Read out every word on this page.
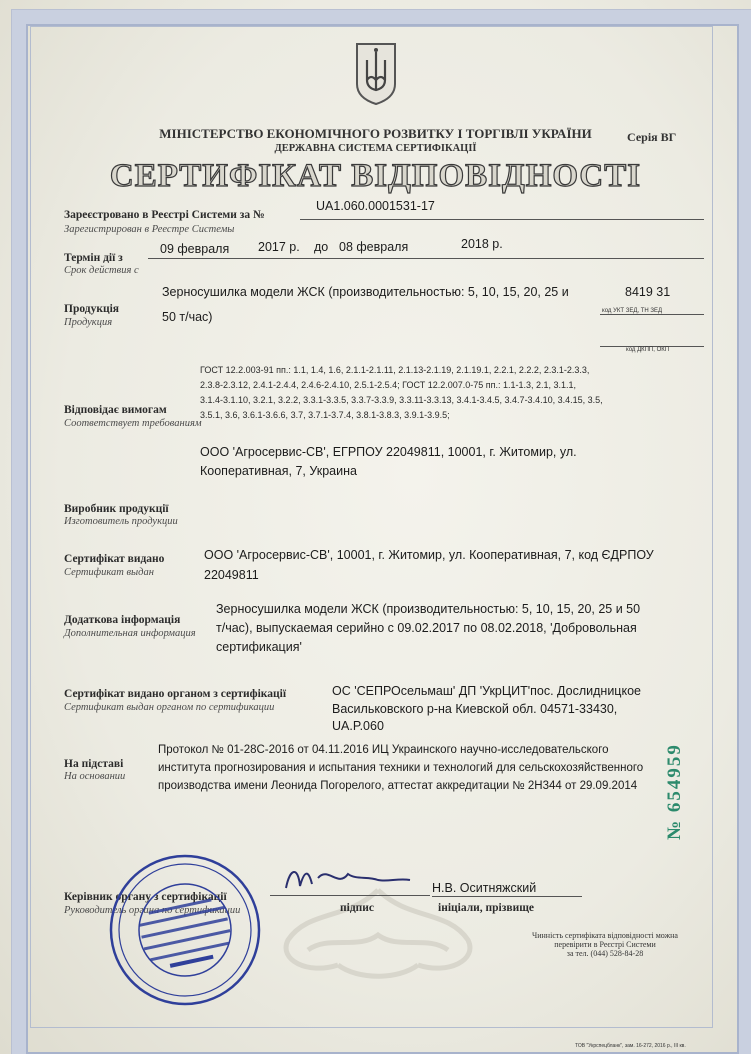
МІНІСТЕРСТВО ЕКОНОМІЧНОГО РОЗВИТКУ І ТОРГІВЛІ УКРАЇНИ
ДЕРЖАВНА СИСТЕМА СЕРТИФІКАЦІЇ
Серія ВГ
СЕРТИФІКАТ ВІДПОВІДНОСТІ
Зареєстровано в Реєстрі Системи за №
Зарегистрирован в Реестре Системы
UA1.060.0001531-17
Термін дії з
Срок действия с
09 февраля 2017 р. до 08 февраля	2018 р.
Продукція
Продукция
Зерносушилка модели ЖСК (производительностью: 5, 10, 15, 20, 25 и
50 т/час)
8419 31
код УКТ ЗЕД, ТН ЗЕД
код ДКПП, ОКП
Відповідає вимогам
Соответствует требованиям
ГОСТ 12.2.003-91 пп.: 1.1, 1.4, 1.6, 2.1.1-2.1.11, 2.1.13-2.1.19, 2.1.19.1, 2.2.1, 2.2.2, 2.3.1-2.3.3,
2.3.8-2.3.12, 2.4.1-2.4.4, 2.4.6-2.4.10, 2.5.1-2.5.4; ГОСТ 12.2.007.0-75 пп.: 1.1-1.3, 2.1, 3.1.1,
3.1.4-3.1.10, 3.2.1, 3.2.2, 3.3.1-3.3.5, 3.3.7-3.3.9, 3.3.11-3.3.13, 3.4.1-3.4.5, 3.4.7-3.4.10, 3.4.15, 3.5,
3.5.1, 3.6, 3.6.1-3.6.6, 3.7, 3.7.1-3.7.4, 3.8.1-3.8.3, 3.9.1-3.9.5;
ООО 'Агросервис-СВ', ЕГРПОУ 22049811, 10001, г. Житомир, ул.
Кооперативная, 7, Украина
Виробник продукції
Изготовитель продукции
Сертифікат видано
Сертификат выдан
ООО 'Агросервис-СВ', 10001, г. Житомир, ул. Кооперативная, 7, код ЄДРПОУ
22049811
Додаткова інформація
Дополнительная информация
Зерносушилка модели ЖСК (производительностью: 5, 10, 15, 20, 25 и 50
т/час), выпускаемая серийно с 09.02.2017 по 08.02.2018, 'Добровольная
сертификация'
Сертифікат видано органом з сертифікації
Сертификат выдан органом по сертификации
ОС 'СЕПРОсельмаш' ДП 'УкрЦИТ'пос. Дослидницкое
Васильковского р-на Киевской обл. 04571-33430,
UA.P.060
На підставі
На основании
Протокол № 01-28С-2016 от 04.11.2016 ИЦ Украинского научно-исследовательского
института прогнозирования и испытания техники и технологий для сельскохозяйственного
производства имени Леонида Погорелого, аттестат аккредитации № 2Н344 от 29.09.2014
Керівник органу з сертифікації
Руководитель органа по сертификации
Н.В. Оситняжский
підпис	ініціали, прізвище
№ 654959
Чинність сертифіката відповідності можна
перевірити в Реєстрі Системи
за тел. (044) 528-84-28
ТОВ "Укрспецбланк", зам. 16-272, 2016 р., ІІІ кв.
